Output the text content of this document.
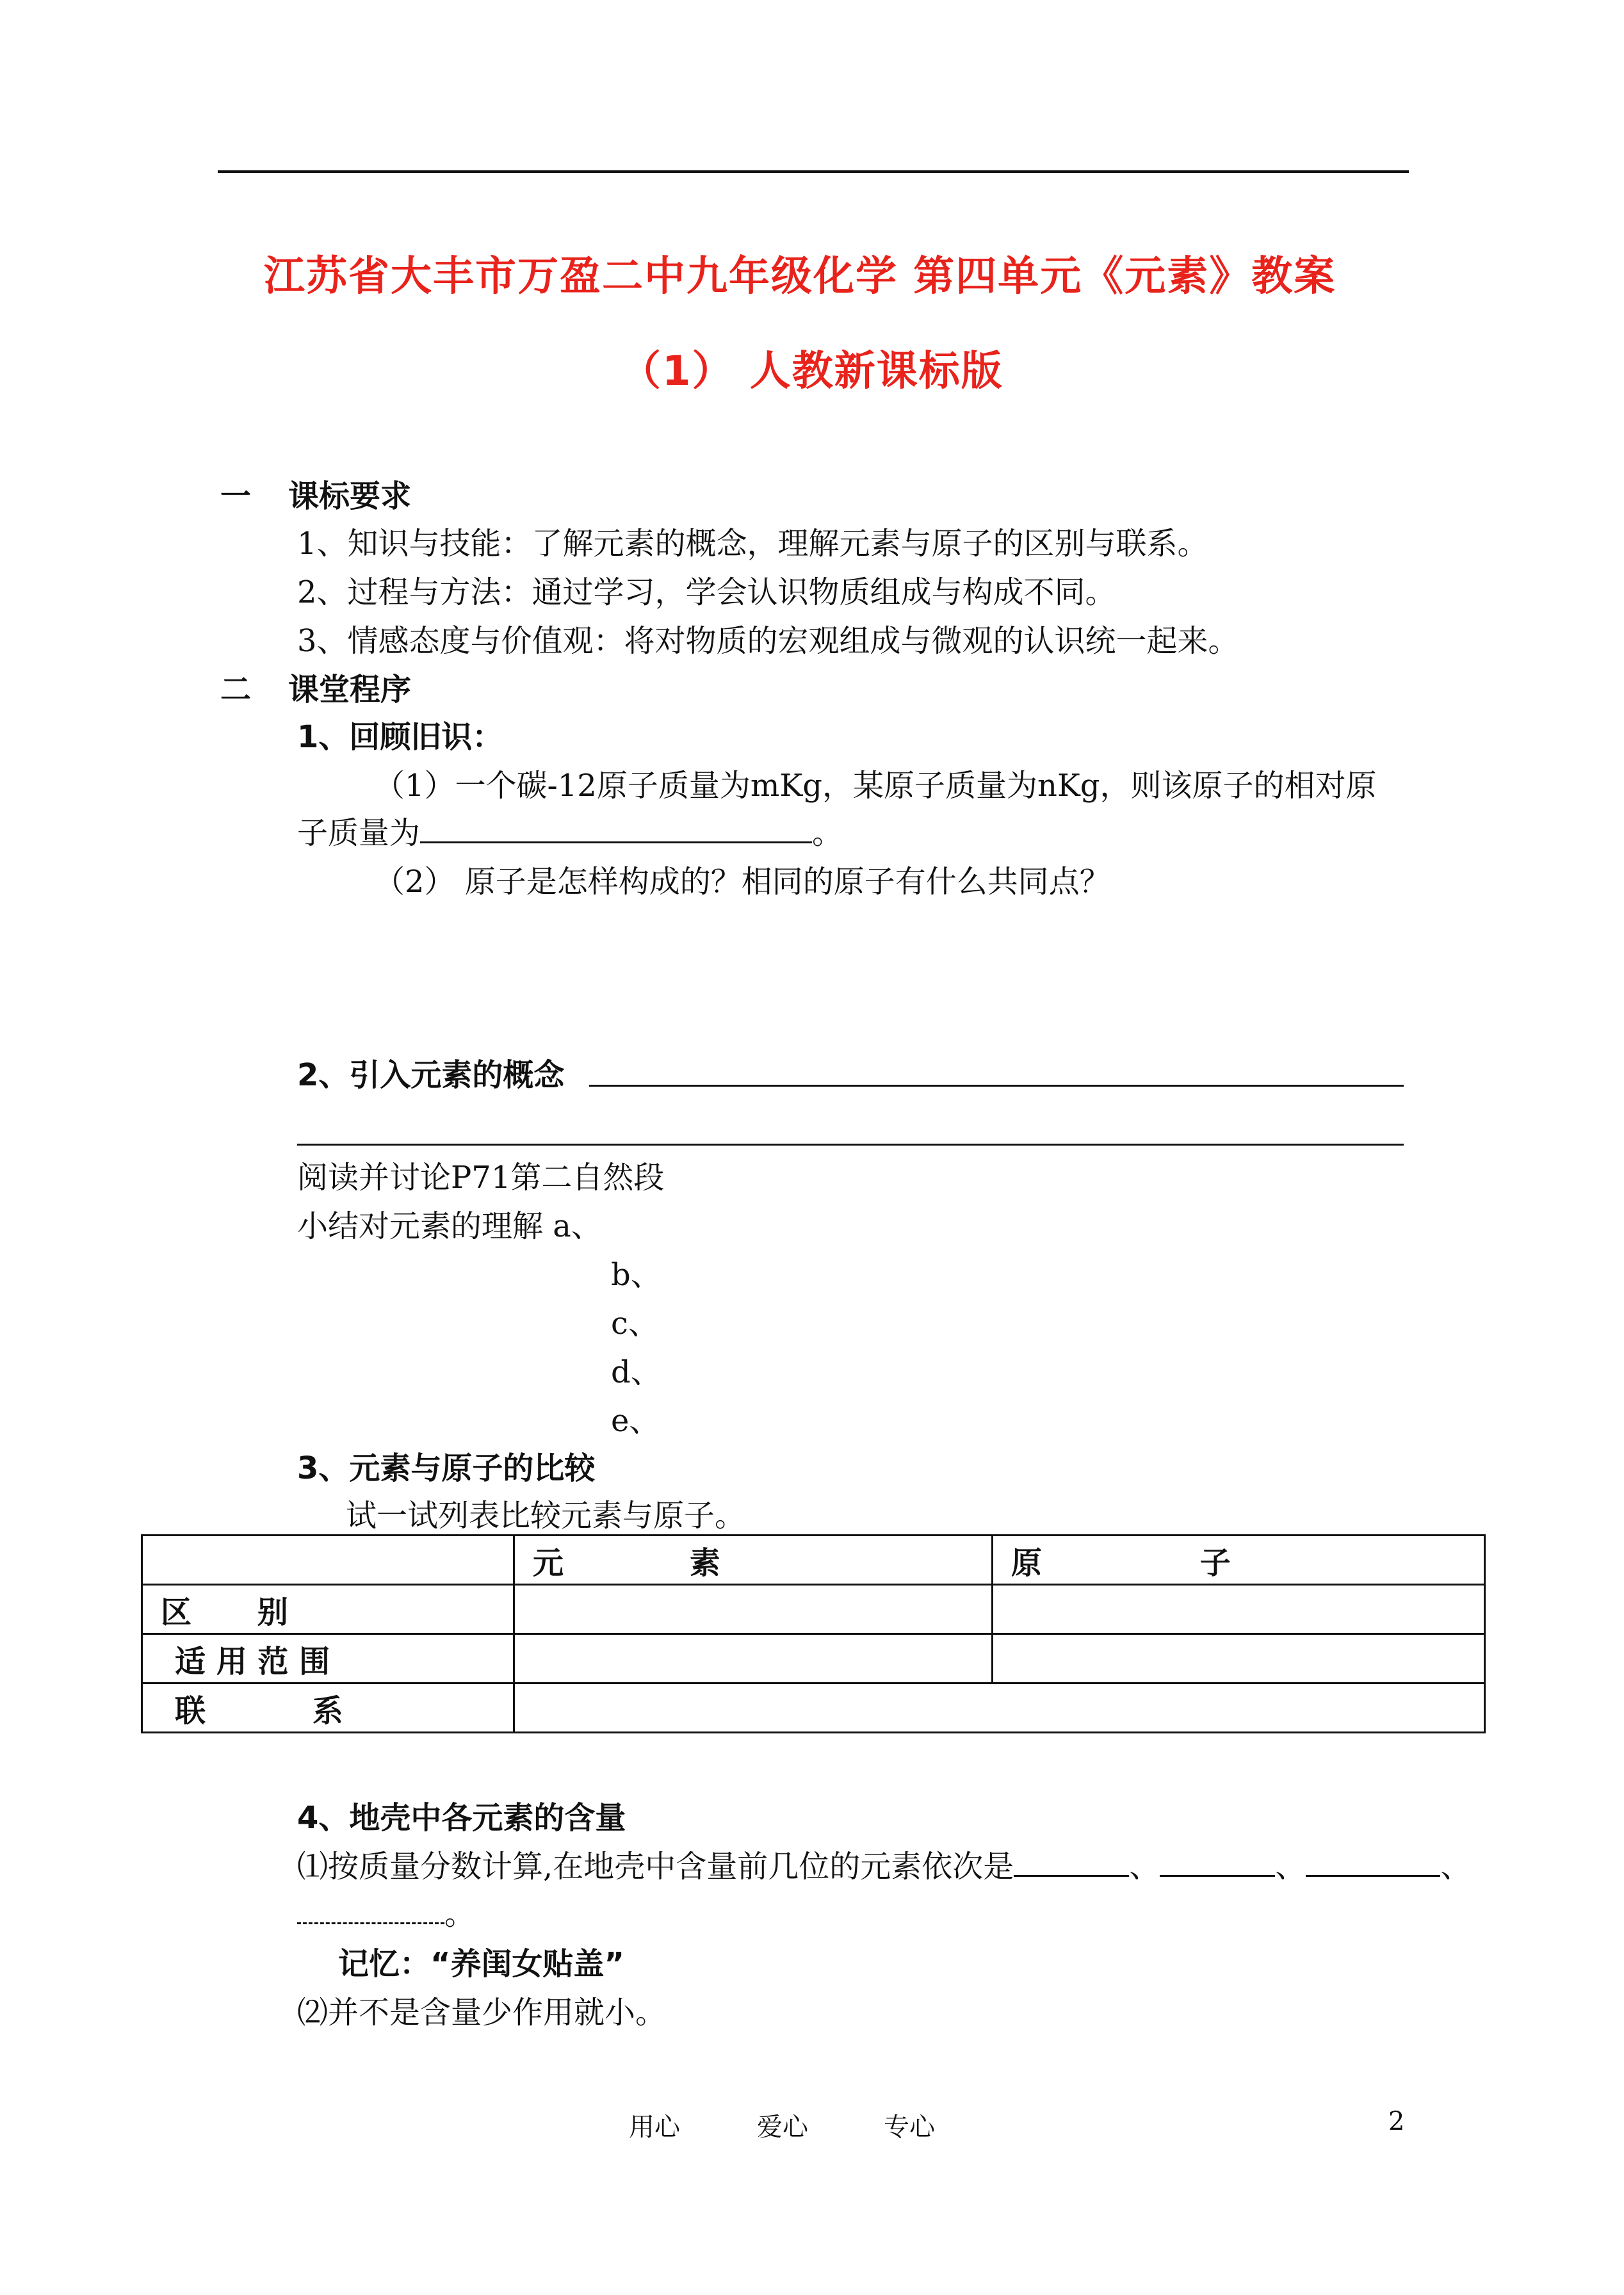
江苏省大丰市万盈二中九年级化学 第四单元《元素》教案
（1） 人教新课标版
一 课标要求
1、知识与技能：了解元素的概念，理解元素与原子的区别与联系。
2、过程与方法：通过学习，学会认识物质组成与构成不同。
3、情感态度与价值观：将对物质的宏观组成与微观的认识统一起来。
二 课堂程序
1、回顾旧识：
（1）一个碳-12原子质量为mKg，某原子质量为nKg，则该原子的相对原
子质量为	。
（2） 原子是怎样构成的？相同的原子有什么共同点？
2、引入元素的概念
阅读并讨论P71第二自然段
小结对元素的理解 a、
b、
c、
d、
e、
3、元素与原子的比较
试一试列表比较元素与原子。
	元 素	原 子
区 别		
适 用 范 围		
联 系		
4、地壳中各元素的含量
⑴按质量分数计算,在地壳中含量前几位的元素依次是	、	、	、
。
记忆：“养闺女贴盖”
⑵并不是含量少作用就小。
用心	爱心	专心	2
